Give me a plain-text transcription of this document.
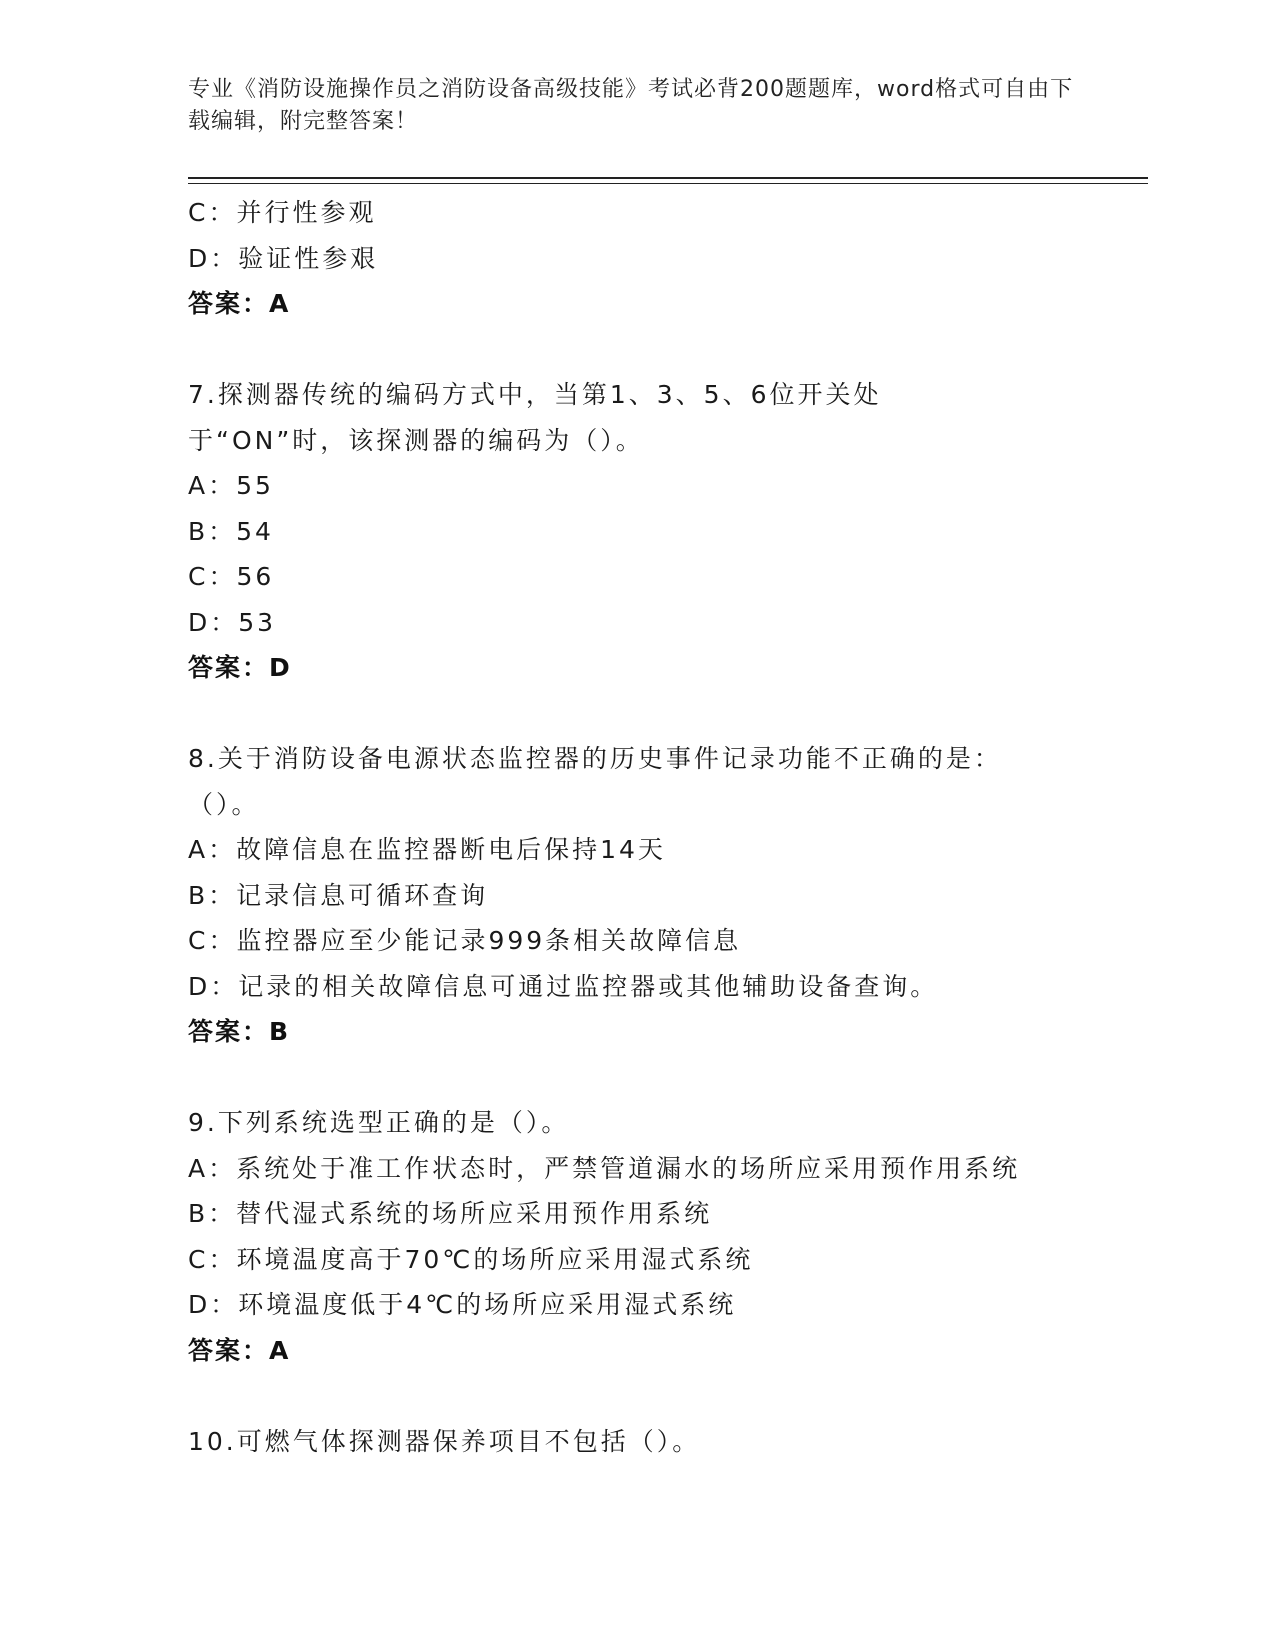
专业《消防设施操作员之消防设备高级技能》考试必背200题题库，word格式可自由下载编辑，附完整答案！
C：并行性参观
D：验证性参艰
答案：A
7.探测器传统的编码方式中，当第1、3、5、6位开关处于“ON”时，该探测器的编码为（）。
A：55
B：54
C：56
D：53
答案：D
8.关于消防设备电源状态监控器的历史事件记录功能不正确的是：（）。
A：故障信息在监控器断电后保持14天
B：记录信息可循环查询
C：监控器应至少能记录999条相关故障信息
D：记录的相关故障信息可通过监控器或其他辅助设备查询。
答案：B
9.下列系统选型正确的是（）。
A：系统处于准工作状态时，严禁管道漏水的场所应采用预作用系统
B：替代湿式系统的场所应采用预作用系统
C：环境温度高于70℃的场所应采用湿式系统
D：环境温度低于4℃的场所应采用湿式系统
答案：A
10.可燃气体探测器保养项目不包括（）。
